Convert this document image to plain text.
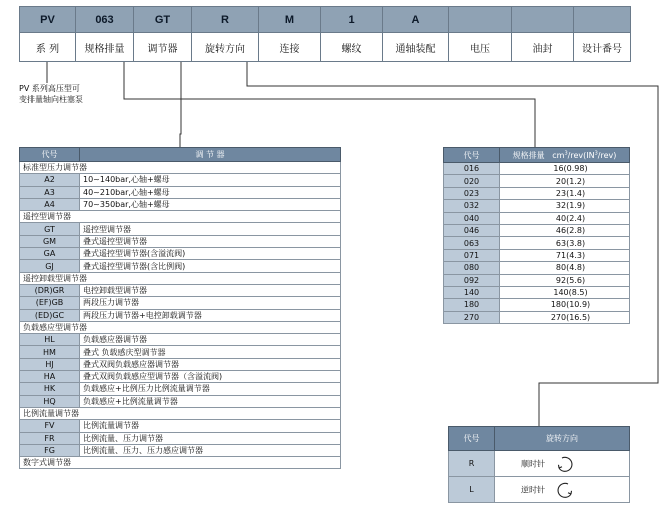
PV	063	GT	R	M	1	A			
系 列	规格排量	调节器	旋转方向	连接	螺纹	通轴装配	电压	油封	设计番号
PV 系列高压型可
变排量轴向柱塞泵
代号	调 节 器
标准型压力调节器	
A2	10~140bar,心轴+螺母
A3	40~210bar,心轴+螺母
A4	70~350bar,心轴+螺母
遥控型调节器	
GT	遥控型调节器
GM	叠式遥控型调节器
GA	叠式遥控型调节器(含溢流阀)
GJ	叠式遥控型调节器(含比例阀)
遥控卸载型调节器	
(DR)GR	电控卸载型调节器
(EF)GB	两段压力调节器
(ED)GC	两段压力调节器+电控卸载调节器
负载感应型调节器	
HL	负载感应器调节器
HM	叠式 负载感庆型调节器
HJ	叠式双阀负载感应器调节器
HA	叠式双阀负载感应型调节器（含溢流阀)
HK	负载感应+比例压力比例流量调节器
HQ	负载感应+比例流量调节器
比例流量调节器	
FV	比例流量调节器
FR	比例流量、压力调节器
FG	比例流量、压力、压力感应调节器
数字式调节器	
代号	规格排量 $cm^3/rev(IN^3/rev)$
016	16(0.98)
020	20(1.2)
023	23(1.4)
032	32(1.9)
040	40(2.4)
046	46(2.8)
063	63(3.8)
071	71(4.3)
080	80(4.8)
092	92(5.6)
140	140(8.5)
180	180(10.9)
270	270(16.5)
代号	旋转方向
R	顺时针
L	逆时针
